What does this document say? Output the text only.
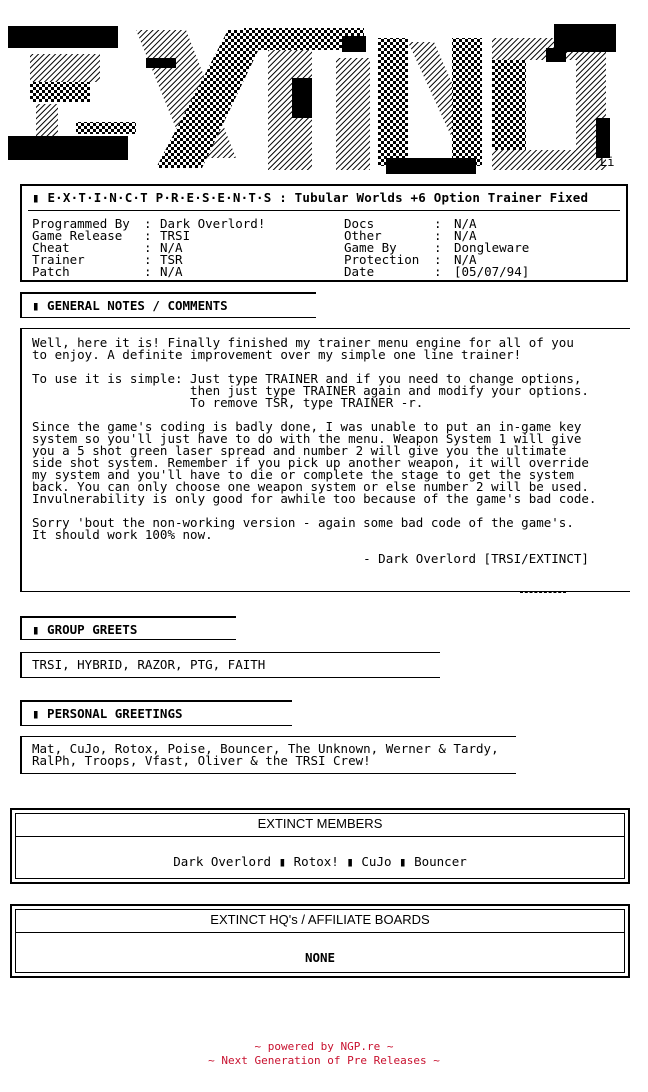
Li
▮ E·X·T·I·N·C·T P·R·E·S·E·N·T·S : Tubular Worlds +6 Option Trainer Fixed
Programmed By
Game Release
Cheat
Trainer
Patch
:
:
:
:
:
Dark Overlord!
TRSI
N/A
TSR
N/A
Docs
Other
Game By
Protection
Date
:
:
:
:
:
N/A
N/A
Dongleware
N/A
[05/07/94]
▮ GENERAL NOTES / COMMENTS
Well, here it is! Finally finished my trainer menu engine for all of you
to enjoy. A definite improvement over my simple one line trainer!

To use it is simple: Just type TRAINER and if you need to change options,
then just type TRAINER again and modify your options.
To remove TSR, type TRAINER -r.

Since the game's coding is badly done, I was unable to put an in-game key
system so you'll just have to do with the menu. Weapon System 1 will give
you a 5 shot green laser spread and number 2 will give you the ultimate
side shot system. Remember if you pick up another weapon, it will override
my system and you'll have to die or complete the stage to get the system
back. You can only choose one weapon system or else number 2 will be used.
Invulnerability is only good for awhile too because of the game's bad code.

Sorry 'bout the non-working version - again some bad code of the game's.
It should work 100% now.

- Dark Overlord [TRSI/EXTINCT]
▮ GROUP GREETS
TRSI, HYBRID, RAZOR, PTG, FAITH
▮ PERSONAL GREETINGS
Mat, CuJo, Rotox, Poise, Bouncer, The Unknown, Werner & Tardy,
RalPh, Troops, Vfast, Oliver & the TRSI Crew!
EXTINCT MEMBERS
Dark Overlord ▮ Rotox! ▮ CuJo ▮ Bouncer
EXTINCT HQ's / AFFILIATE BOARDS
NONE
~ powered by NGP.re ~
~ Next Generation of Pre Releases ~
